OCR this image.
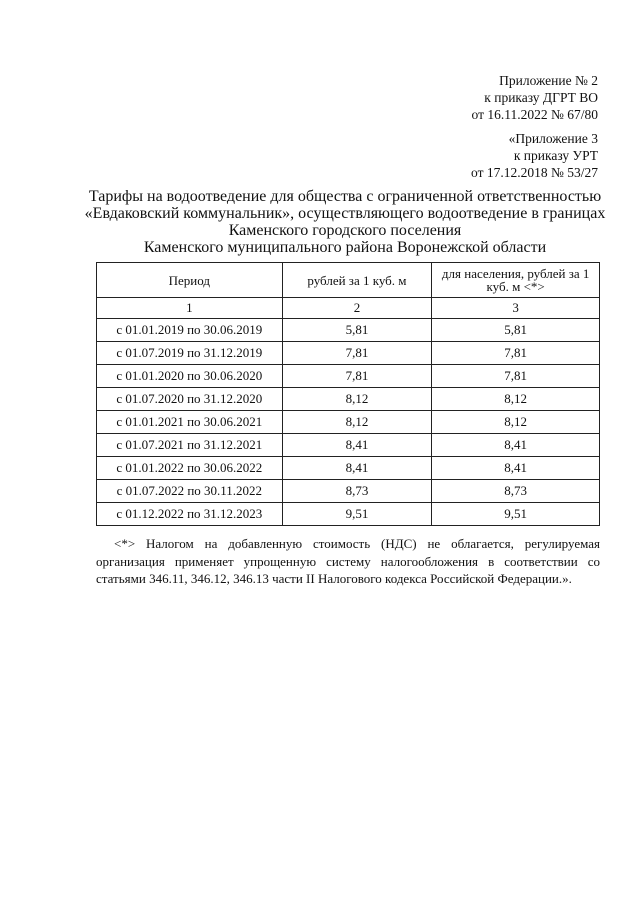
Приложение № 2
к приказу ДГРТ ВО
от 16.11.2022 № 67/80
«Приложение 3
к приказу УРТ
от 17.12.2018 № 53/27
Тарифы на водоотведение для общества с ограниченной ответственностью
«Евдаковский коммунальник», осуществляющего водоотведение в границах
Каменского городского поселения
Каменского муниципального района Воронежской области
Период	рублей за 1 куб. м	для населения, рублей за 1 куб. м <*>
1	2	3
с 01.01.2019 по 30.06.2019	5,81	5,81
с 01.07.2019 по 31.12.2019	7,81	7,81
с 01.01.2020 по 30.06.2020	7,81	7,81
с 01.07.2020 по 31.12.2020	8,12	8,12
с 01.01.2021 по 30.06.2021	8,12	8,12
с 01.07.2021 по 31.12.2021	8,41	8,41
с 01.01.2022 по 30.06.2022	8,41	8,41
с 01.07.2022 по 30.11.2022	8,73	8,73
с 01.12.2022 по 31.12.2023	9,51	9,51
<*> Налогом на добавленную стоимость (НДС) не облагается, регулируемая организация применяет упрощенную систему налогообложения в соответствии со статьями 346.11, 346.12, 346.13 части II Налогового кодекса Российской Федерации.».
